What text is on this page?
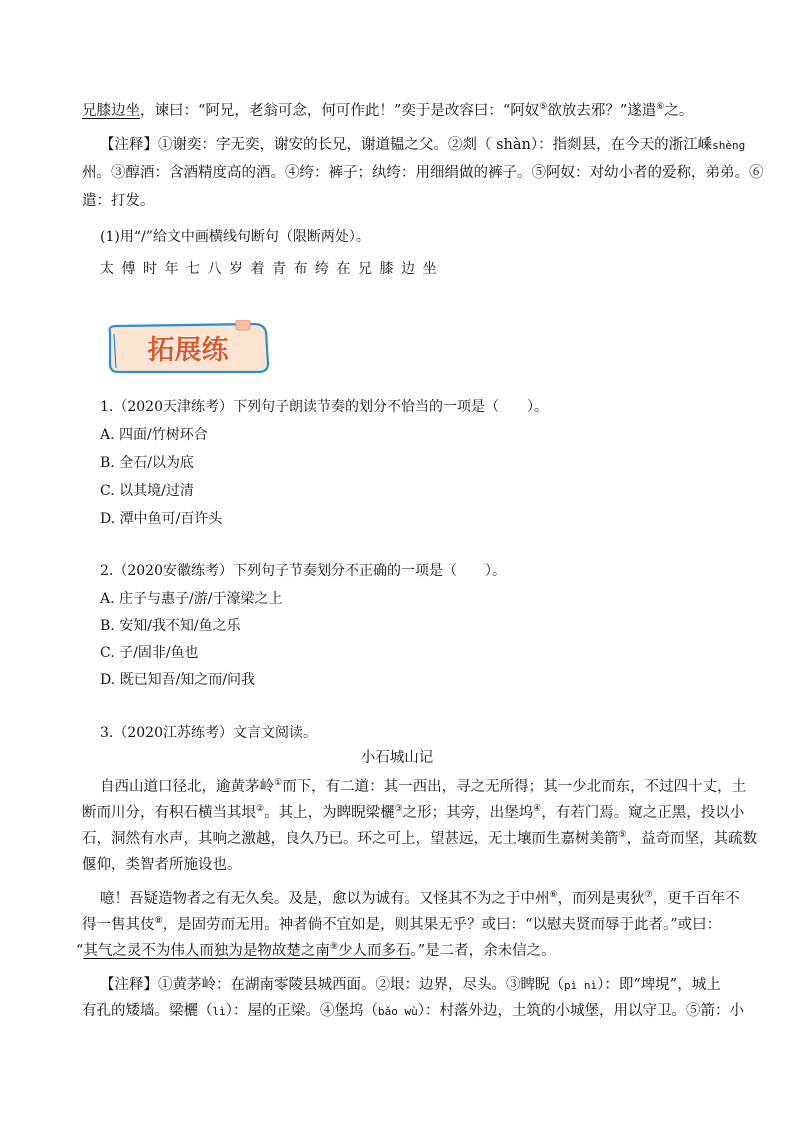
兄膝边坐，谏曰：“阿兄，老翁可念，何可作此！”奕于是改容曰：“阿奴⑤欲放去邪？”遂遣⑥之。

【注释】①谢奕：字无奕，谢安的长兄，谢道韫之父。②剡（ shàn）：指剡县，在今天的浙江嵊shèng

州。③醇酒：含酒精度高的酒。④绔：裤子；纨绔：用细绢做的裤子。⑤阿奴：对幼小者的爱称，弟弟。⑥

遣：打发。

(1)用“/”给文中画横线句断句（限断两处）。

太傅时年七八岁着青布绔在兄膝边坐

拓展练

1.（2020天津练考）下列句子朗读节奏的划分不恰当的一项是（　　）。

A. 四面/竹树环合

B. 全石/以为底

C. 以其境/过清

D. 潭中鱼可/百许头

2.（2020安徽练考）下列句子节奏划分不正确的一项是（　　）。

A. 庄子与惠子/游/于濠梁之上

B. 安知/我不知/鱼之乐

C. 子/固非/鱼也

D. 既已知吾/知之而/问我

3.（2020江苏练考）文言文阅读。

小石城山记

自西山道口径北，逾黄茅岭①而下，有二道：其一西出，寻之无所得；其一少北而东，不过四十丈，土

断而川分，有积石横当其垠②。其上，为睥睨梁欐③之形；其旁，出堡坞④，有若门焉。窥之正黑，投以小

石，洞然有水声，其响之激越，良久乃已。环之可上，望甚远，无土壤而生嘉树美箭⑤，益奇而坚，其疏数

偃仰，类智者所施设也。

噫！吾疑造物者之有无久矣。及是，愈以为诚有。又怪其不为之于中州⑥，而列是夷狄⑦，更千百年不

得一售其伎⑧，是固劳而无用。神者倘不宜如是，则其果无乎？或曰：“以慰夫贤而辱于此者。”或曰：

“其气之灵不为伟人而独为是物故楚之南⑨少人而多石。”是二者，余未信之。

【注释】①黄茅岭：在湖南零陵县城西面。②垠：边界，尽头。③睥睨（pì nì）：即“埤垷”，城上

有孔的矮墙。梁欐（lì）：屋的正梁。④堡坞（bǎo wù）：村落外边，土筑的小城堡，用以守卫。⑤箭：小
